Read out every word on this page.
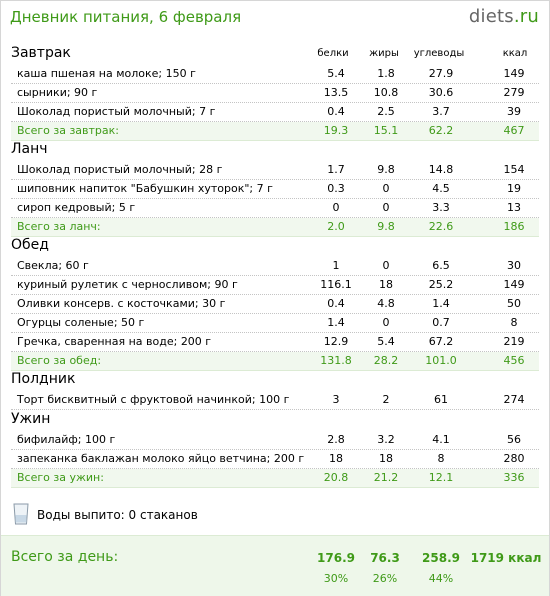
Дневник питания, 6 февраля	diets.ru
белки	жиры	углеводы	ккал
Завтрак
каша пшеная на молоке; 150 г	5.4	1.8	27.9	149
сырники; 90 г	13.5	10.8	30.6	279
Шоколад пористый молочный; 7 г	0.4	2.5	3.7	39
Всего за завтрак:	19.3	15.1	62.2	467
Ланч
Шоколад пористый молочный; 28 г	1.7	9.8	14.8	154
шиповник напиток "Бабушкин хуторок"; 7 г	0.3	0	4.5	19
сироп кедровый; 5 г	0	0	3.3	13
Всего за ланч:	2.0	9.8	22.6	186
Обед
Свекла; 60 г	1	0	6.5	30
куриный рулетик с черносливом; 90 г	116.1	18	25.2	149
Оливки консерв. с косточками; 30 г	0.4	4.8	1.4	50
Огурцы соленые; 50 г	1.4	0	0.7	8
Гречка, сваренная на воде; 200 г	12.9	5.4	67.2	219
Всего за обед:	131.8	28.2	101.0	456
Полдник
Торт бисквитный с фруктовой начинкой; 100 г	3	2	61	274
Ужин
бифилайф; 100 г	2.8	3.2	4.1	56
запеканка баклажан молоко яйцо ветчина; 200 г	18	18	8	280
Всего за ужин:	20.8	21.2	12.1	336
Воды выпито: 0 стаканов
Всего за день:	176.9	76.3	258.9 1719 ккал
30%	26%	44%
